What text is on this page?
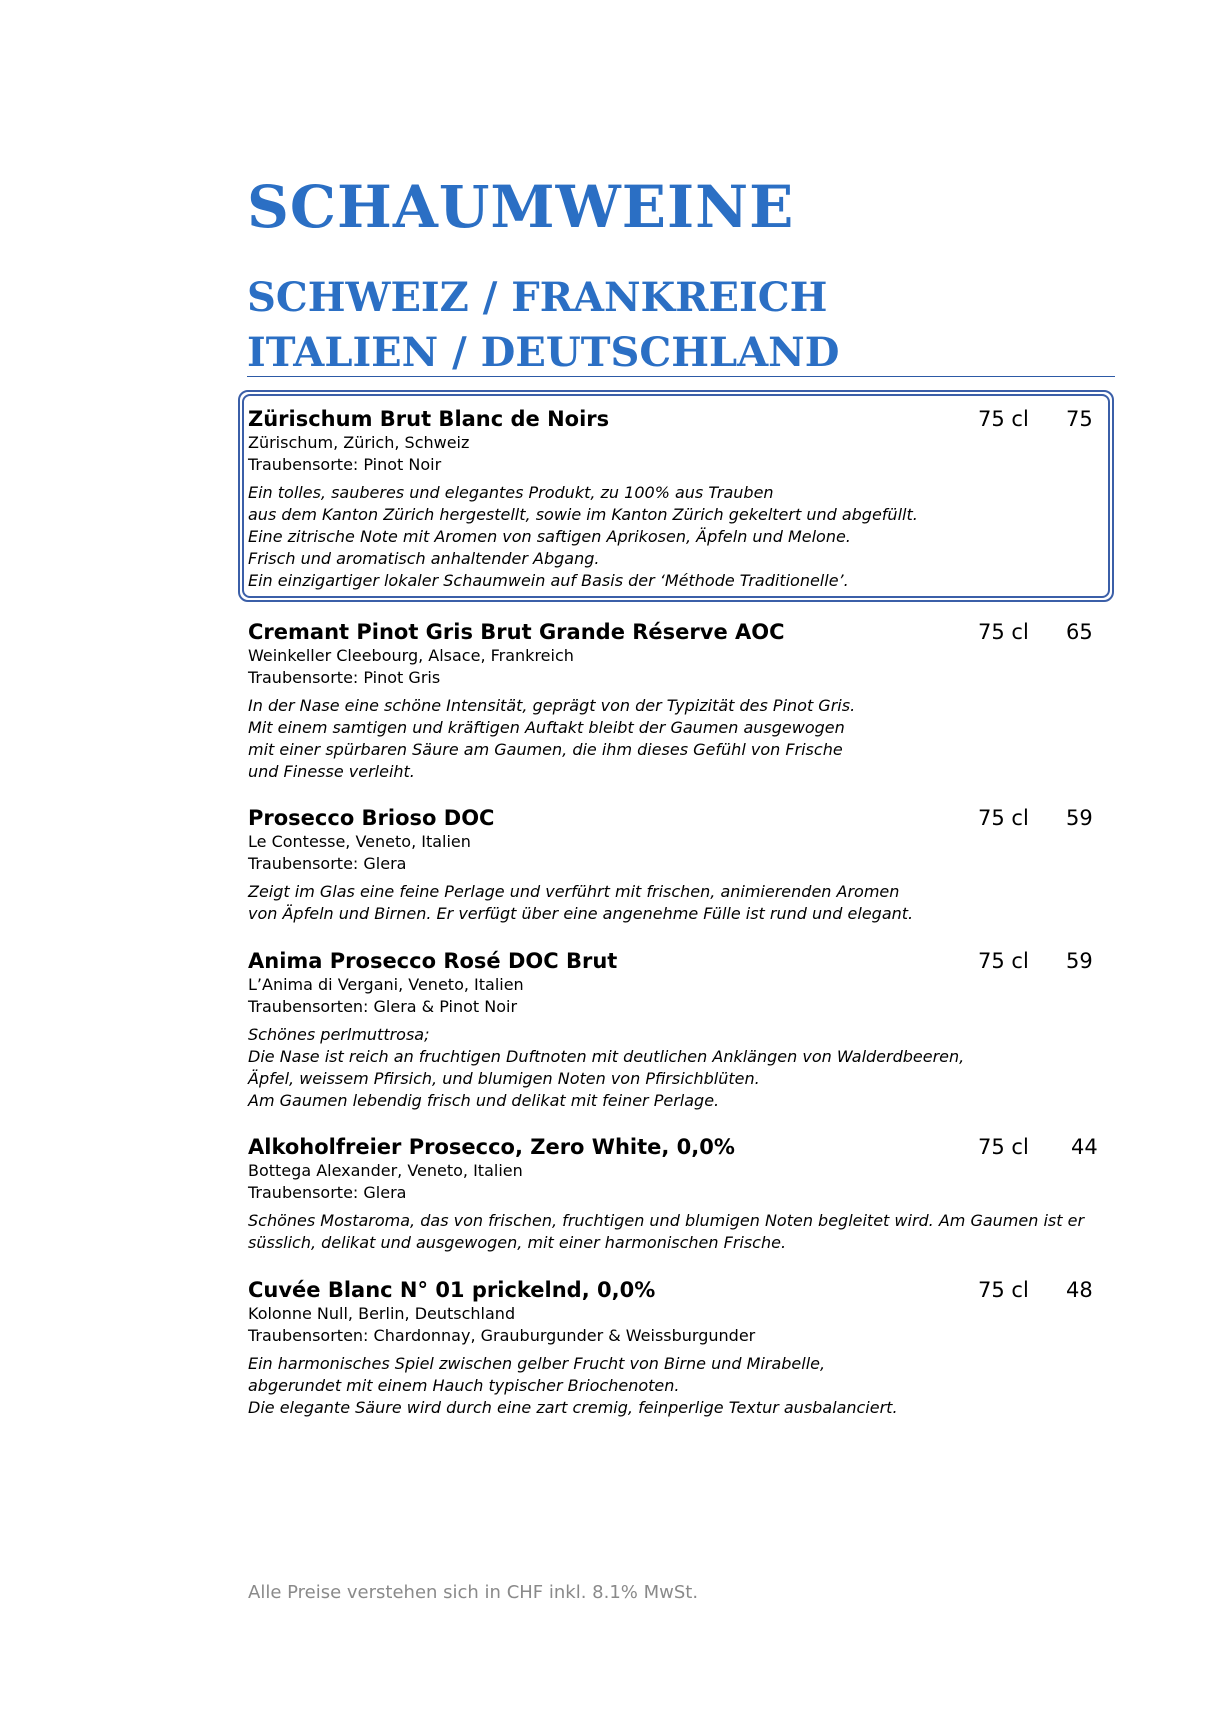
SCHAUMWEINE
SCHWEIZ / FRANKREICH
ITALIEN / DEUTSCHLAND
Zürischum Brut Blanc de Noirs	75 cl 75
Zürischum, Zürich, Schweiz
Traubensorte: Pinot Noir
Ein tolles, sauberes und elegantes Produkt, zu 100% aus Trauben
aus dem Kanton Zürich hergestellt, sowie im Kanton Zürich gekeltert und abgefüllt.
Eine zitrische Note mit Aromen von saftigen Aprikosen, Äpfeln und Melone.
Frisch und aromatisch anhaltender Abgang.
Ein einzigartiger lokaler Schaumwein auf Basis der ‘Méthode Traditionelle’.
Cremant Pinot Gris Brut Grande Réserve AOC	75 cl 65
Weinkeller Cleebourg, Alsace, Frankreich
Traubensorte: Pinot Gris
In der Nase eine schöne Intensität, geprägt von der Typizität des Pinot Gris.
Mit einem samtigen und kräftigen Auftakt bleibt der Gaumen ausgewogen
mit einer spürbaren Säure am Gaumen, die ihm dieses Gefühl von Frische
und Finesse verleiht.
Prosecco Brioso DOC	75 cl 59
Le Contesse, Veneto, Italien
Traubensorte: Glera
Zeigt im Glas eine feine Perlage und verführt mit frischen, animierenden Aromen
von Äpfeln und Birnen. Er verfügt über eine angenehme Fülle ist rund und elegant.
Anima Prosecco Rosé DOC Brut	75 cl 59
L’Anima di Vergani, Veneto, Italien
Traubensorten: Glera & Pinot Noir
Schönes perlmuttrosa;
Die Nase ist reich an fruchtigen Duftnoten mit deutlichen Anklängen von Walderdbeeren,
Äpfel, weissem Pfirsich, und blumigen Noten von Pfirsichblüten.
Am Gaumen lebendig frisch und delikat mit feiner Perlage.
Alkoholfreier Prosecco, Zero White, 0,0%	75 cl 44
Bottega Alexander, Veneto, Italien
Traubensorte: Glera
Schönes Mostaroma, das von frischen, fruchtigen und blumigen Noten begleitet wird. Am Gaumen ist er
süsslich, delikat und ausgewogen, mit einer harmonischen Frische.
Cuvée Blanc N° 01 prickelnd, 0,0%	75 cl 48
Kolonne Null, Berlin, Deutschland
Traubensorten: Chardonnay, Grauburgunder & Weissburgunder
Ein harmonisches Spiel zwischen gelber Frucht von Birne und Mirabelle,
abgerundet mit einem Hauch typischer Briochenoten.
Die elegante Säure wird durch eine zart cremig, feinperlige Textur ausbalanciert.
Alle Preise verstehen sich in CHF inkl. 8.1% MwSt.
